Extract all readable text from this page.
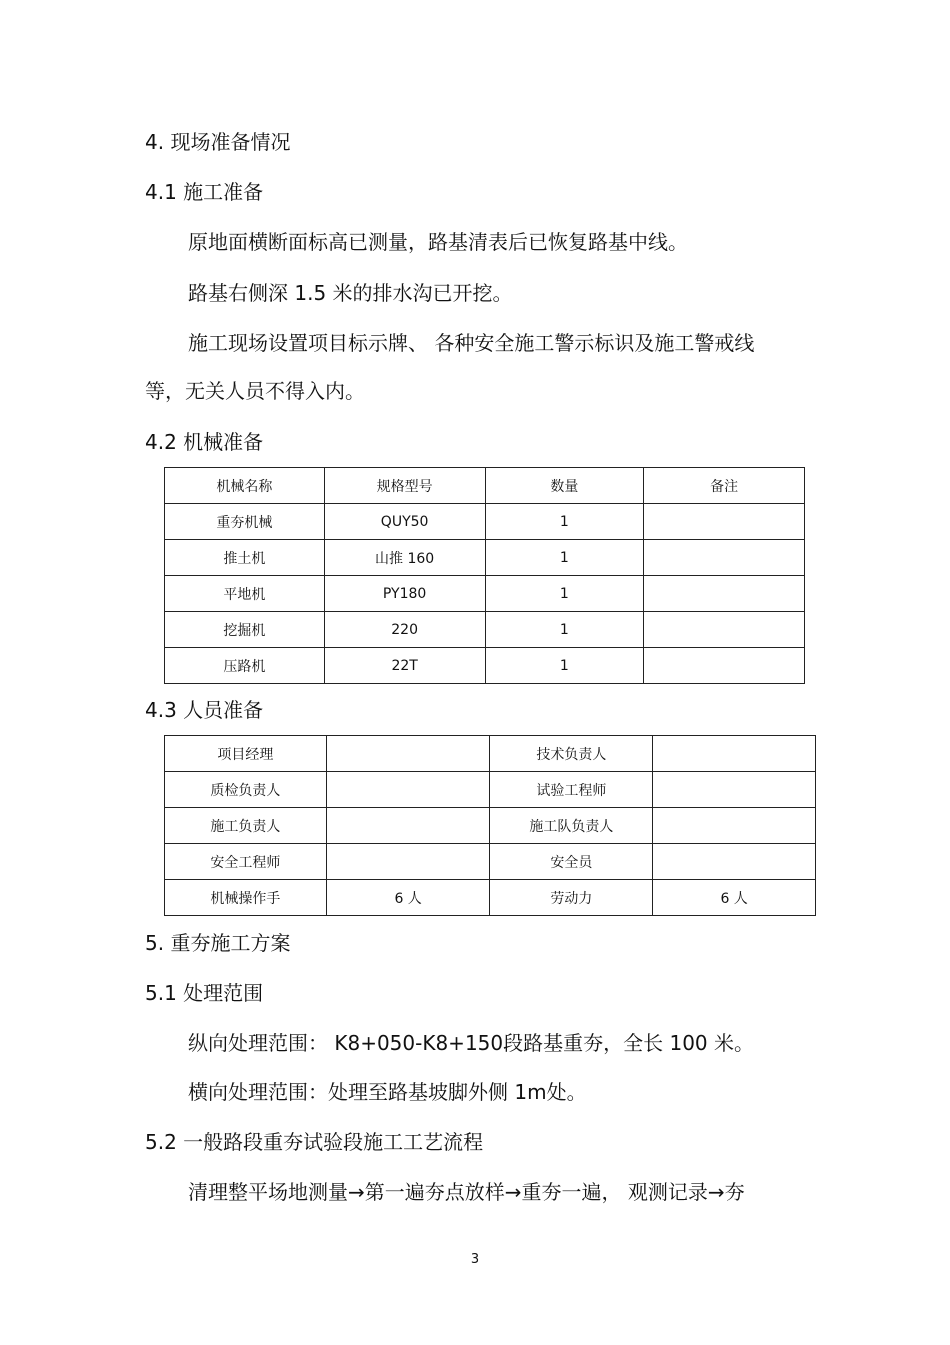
4. 现场准备情况
4.1 施工准备
原地面横断面标高已测量，路基清表后已恢复路基中线。
路基右侧深 1.5 米的排水沟已开挖。
施工现场设置项目标示牌、 各种安全施工警示标识及施工警戒线
等，无关人员不得入内。
4.2 机械准备
机械名称	规格型号	数量	备注
重夯机械	QUY50	1	
推土机	山推 160	1	
平地机	PY180	1	
挖掘机	220	1	
压路机	22T	1	
4.3 人员准备
项目经理		技术负责人	
质检负责人		试验工程师	
施工负责人		施工队负责人	
安全工程师		安全员	
机械操作手	6 人	劳动力	6 人
5. 重夯施工方案
5.1 处理范围
纵向处理范围： K8+050-K8+150段路基重夯，全长 100 米。
横向处理范围：处理至路基坡脚外侧 1m处。
5.2 一般路段重夯试验段施工工艺流程
清理整平场地测量→第一遍夯点放样→重夯一遍， 观测记录→夯
3
